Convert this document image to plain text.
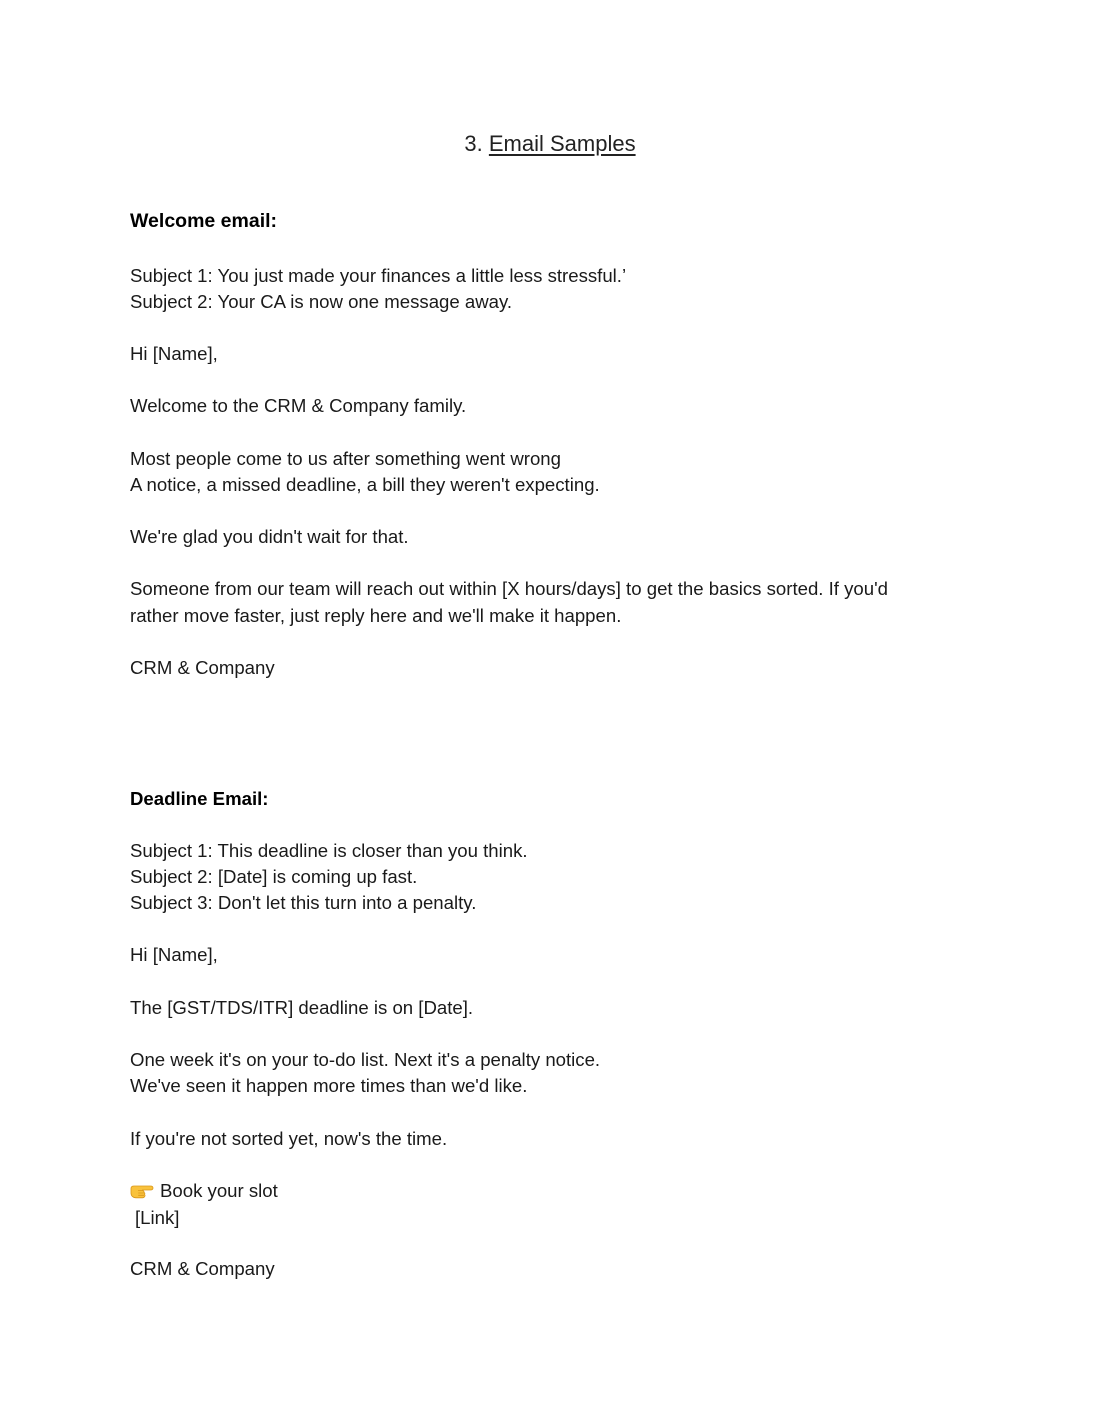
3. Email Samples
Welcome email:
Subject 1: You just made your finances a little less stressful.’
Subject 2: Your CA is now one message away.
Hi [Name],
Welcome to the CRM & Company family.
Most people come to us after something went wrong
A notice, a missed deadline, a bill they weren't expecting.
We're glad you didn't wait for that.
Someone from our team will reach out within [X hours/days] to get the basics sorted. If you'd
rather move faster, just reply here and we'll make it happen.
CRM & Company
Deadline Email:
Subject 1: This deadline is closer than you think.
Subject 2: [Date] is coming up fast.
Subject 3: Don't let this turn into a penalty.
Hi [Name],
The [GST/TDS/ITR] deadline is on [Date].
One week it's on your to-do list. Next it's a penalty notice.
We've seen it happen more times than we'd like.
If you're not sorted yet, now's the time.
Book your slot
[Link]
CRM & Company
